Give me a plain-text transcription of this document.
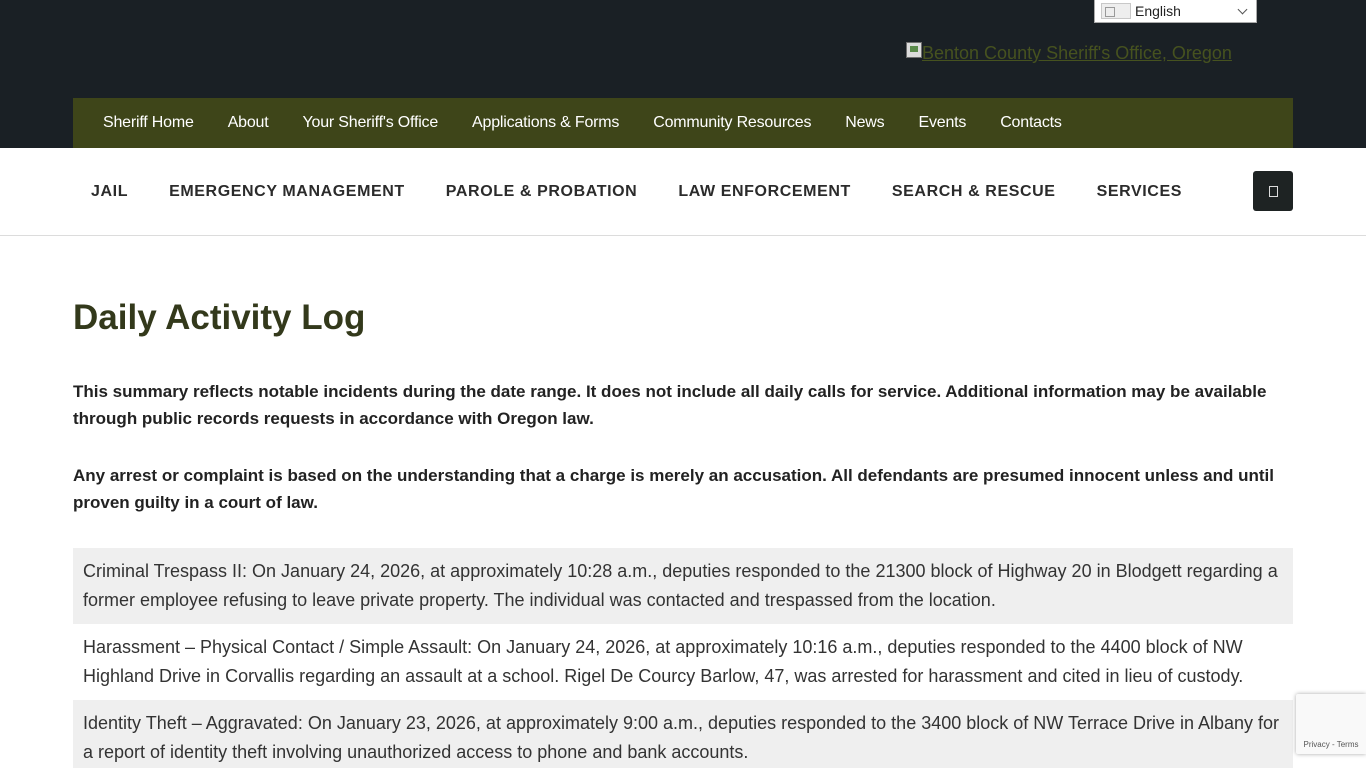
English
Benton County Sheriff's Office, Oregon
Sheriff Home About Your Sheriff's Office Applications & Forms Community Resources News Events Contacts
JAIL	EMERGENCY MANAGEMENT	PAROLE & PROBATION	LAW ENFORCEMENT	SEARCH & RESCUE	SERVICES
Daily Activity Log

This summary reflects notable incidents during the date range. It does not include all daily calls for service. Additional information may be available through public records requests in accordance with Oregon law.

Any arrest or complaint is based on the understanding that a charge is merely an accusation. All defendants are presumed innocent unless and until proven guilty in a court of law.

Criminal Trespass II: On January 24, 2026, at approximately 10:28 a.m., deputies responded to the 21300 block of Highway 20 in Blodgett regarding a former employee refusing to leave private property. The individual was contacted and trespassed from the location.
Harassment – Physical Contact / Simple Assault: On January 24, 2026, at approximately 10:16 a.m., deputies responded to the 4400 block of NW Highland Drive in Corvallis regarding an assault at a school. Rigel De Courcy Barlow, 47, was arrested for harassment and cited in lieu of custody.
Identity Theft – Aggravated: On January 23, 2026, at approximately 9:00 a.m., deputies responded to the 3400 block of NW Terrace Drive in Albany for a report of identity theft involving unauthorized access to phone and bank accounts.	Privacy - Terms
